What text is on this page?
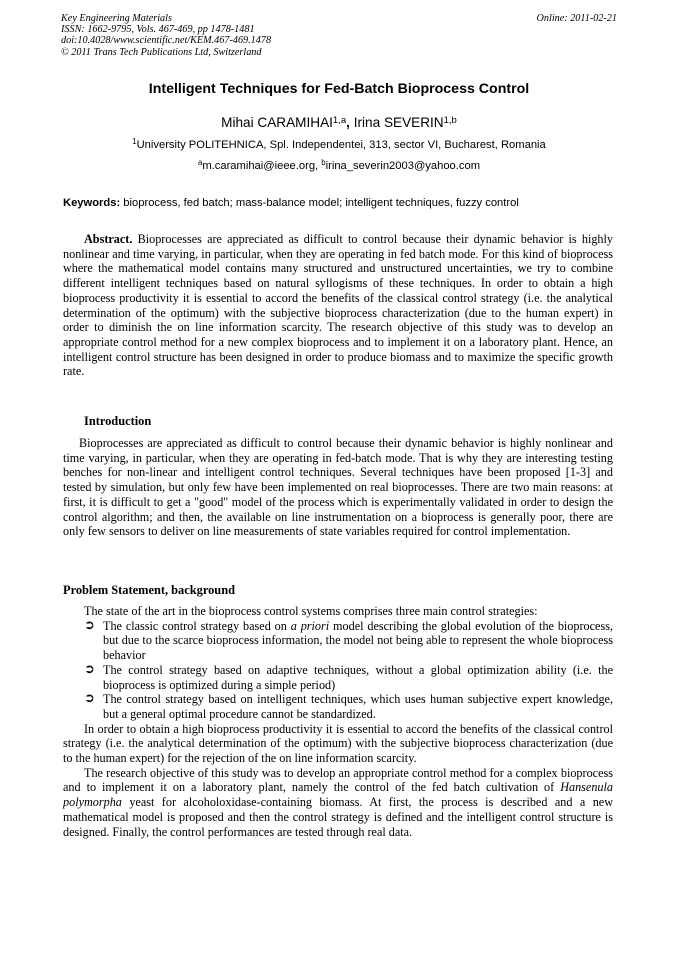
Key Engineering Materials
ISSN: 1662-9795, Vols. 467-469, pp 1478-1481
doi:10.4028/www.scientific.net/KEM.467-469.1478
© 2011 Trans Tech Publications Ltd, Switzerland
Online: 2011-02-21
Intelligent Techniques for Fed-Batch Bioprocess Control
Mihai CARAMIHAI$^{1,a}$, Irina SEVERIN$^{1,b}$
$^1$University POLITEHNICA, Spl. Independentei, 313, sector VI, Bucharest, Romania
$^a$m.caramihai@ieee.org, $^b$irina_severin2003@yahoo.com
Keywords: bioprocess, fed batch; mass-balance model; intelligent techniques, fuzzy control

Abstract. Bioprocesses are appreciated as difficult to control because their dynamic behavior is highly nonlinear and time varying, in particular, when they are operating in fed batch mode. For this kind of bioprocess where the mathematical model contains many structured and unstructured uncertainties, we try to combine different intelligent techniques based on natural syllogisms of these techniques. In order to obtain a high bioprocess productivity it is essential to accord the benefits of the classical control strategy (i.e. the analytical determination of the optimum) with the subjective bioprocess characterization (due to the human expert) in order to diminish the on line information scarcity. The research objective of this study was to develop an appropriate control method for a new complex bioprocess and to implement it on a laboratory plant. Hence, an intelligent control structure has been designed in order to produce biomass and to maximize the specific growth rate.

Introduction

Bioprocesses are appreciated as difficult to control because their dynamic behavior is highly nonlinear and time varying, in particular, when they are operating in fed-batch mode. That is why they are interesting testing benches for non-linear and intelligent control techniques. Several techniques have been proposed [1-3] and tested by simulation, but only few have been implemented on real bioprocesses. There are two main reasons: at first, it is difficult to get a "good" model of the process which is experimentally validated in order to design the control algorithm; and then, the available on line instrumentation on a bioprocess is generally poor, there are only few sensors to deliver on line measurements of state variables required for control implementation.

Problem Statement, background

The state of the art in the bioprocess control systems comprises three main control strategies:

➲ The classic control strategy based on a priori model describing the global evolution of the bioprocess, but due to the scarce bioprocess information, the model not being able to represent the whole bioprocess behavior
➲ The control strategy based on adaptive techniques, without a global optimization ability (i.e. the bioprocess is optimized during a simple period)
➲ The control strategy based on intelligent techniques, which uses human subjective expert knowledge, but a general optimal procedure cannot be standardized.

In order to obtain a high bioprocess productivity it is essential to accord the benefits of the classical control strategy (i.e. the analytical determination of the optimum) with the subjective bioprocess characterization (due to the human expert) for the rejection of the on line information scarcity.

The research objective of this study was to develop an appropriate control method for a complex bioprocess and to implement it on a laboratory plant, namely the control of the fed batch cultivation of Hansenula polymorpha yeast for alcoholoxidase-containing biomass. At first, the process is described and a new mathematical model is proposed and then the control strategy is defined and the intelligent control structure is designed. Finally, the control performances are tested through real data.
